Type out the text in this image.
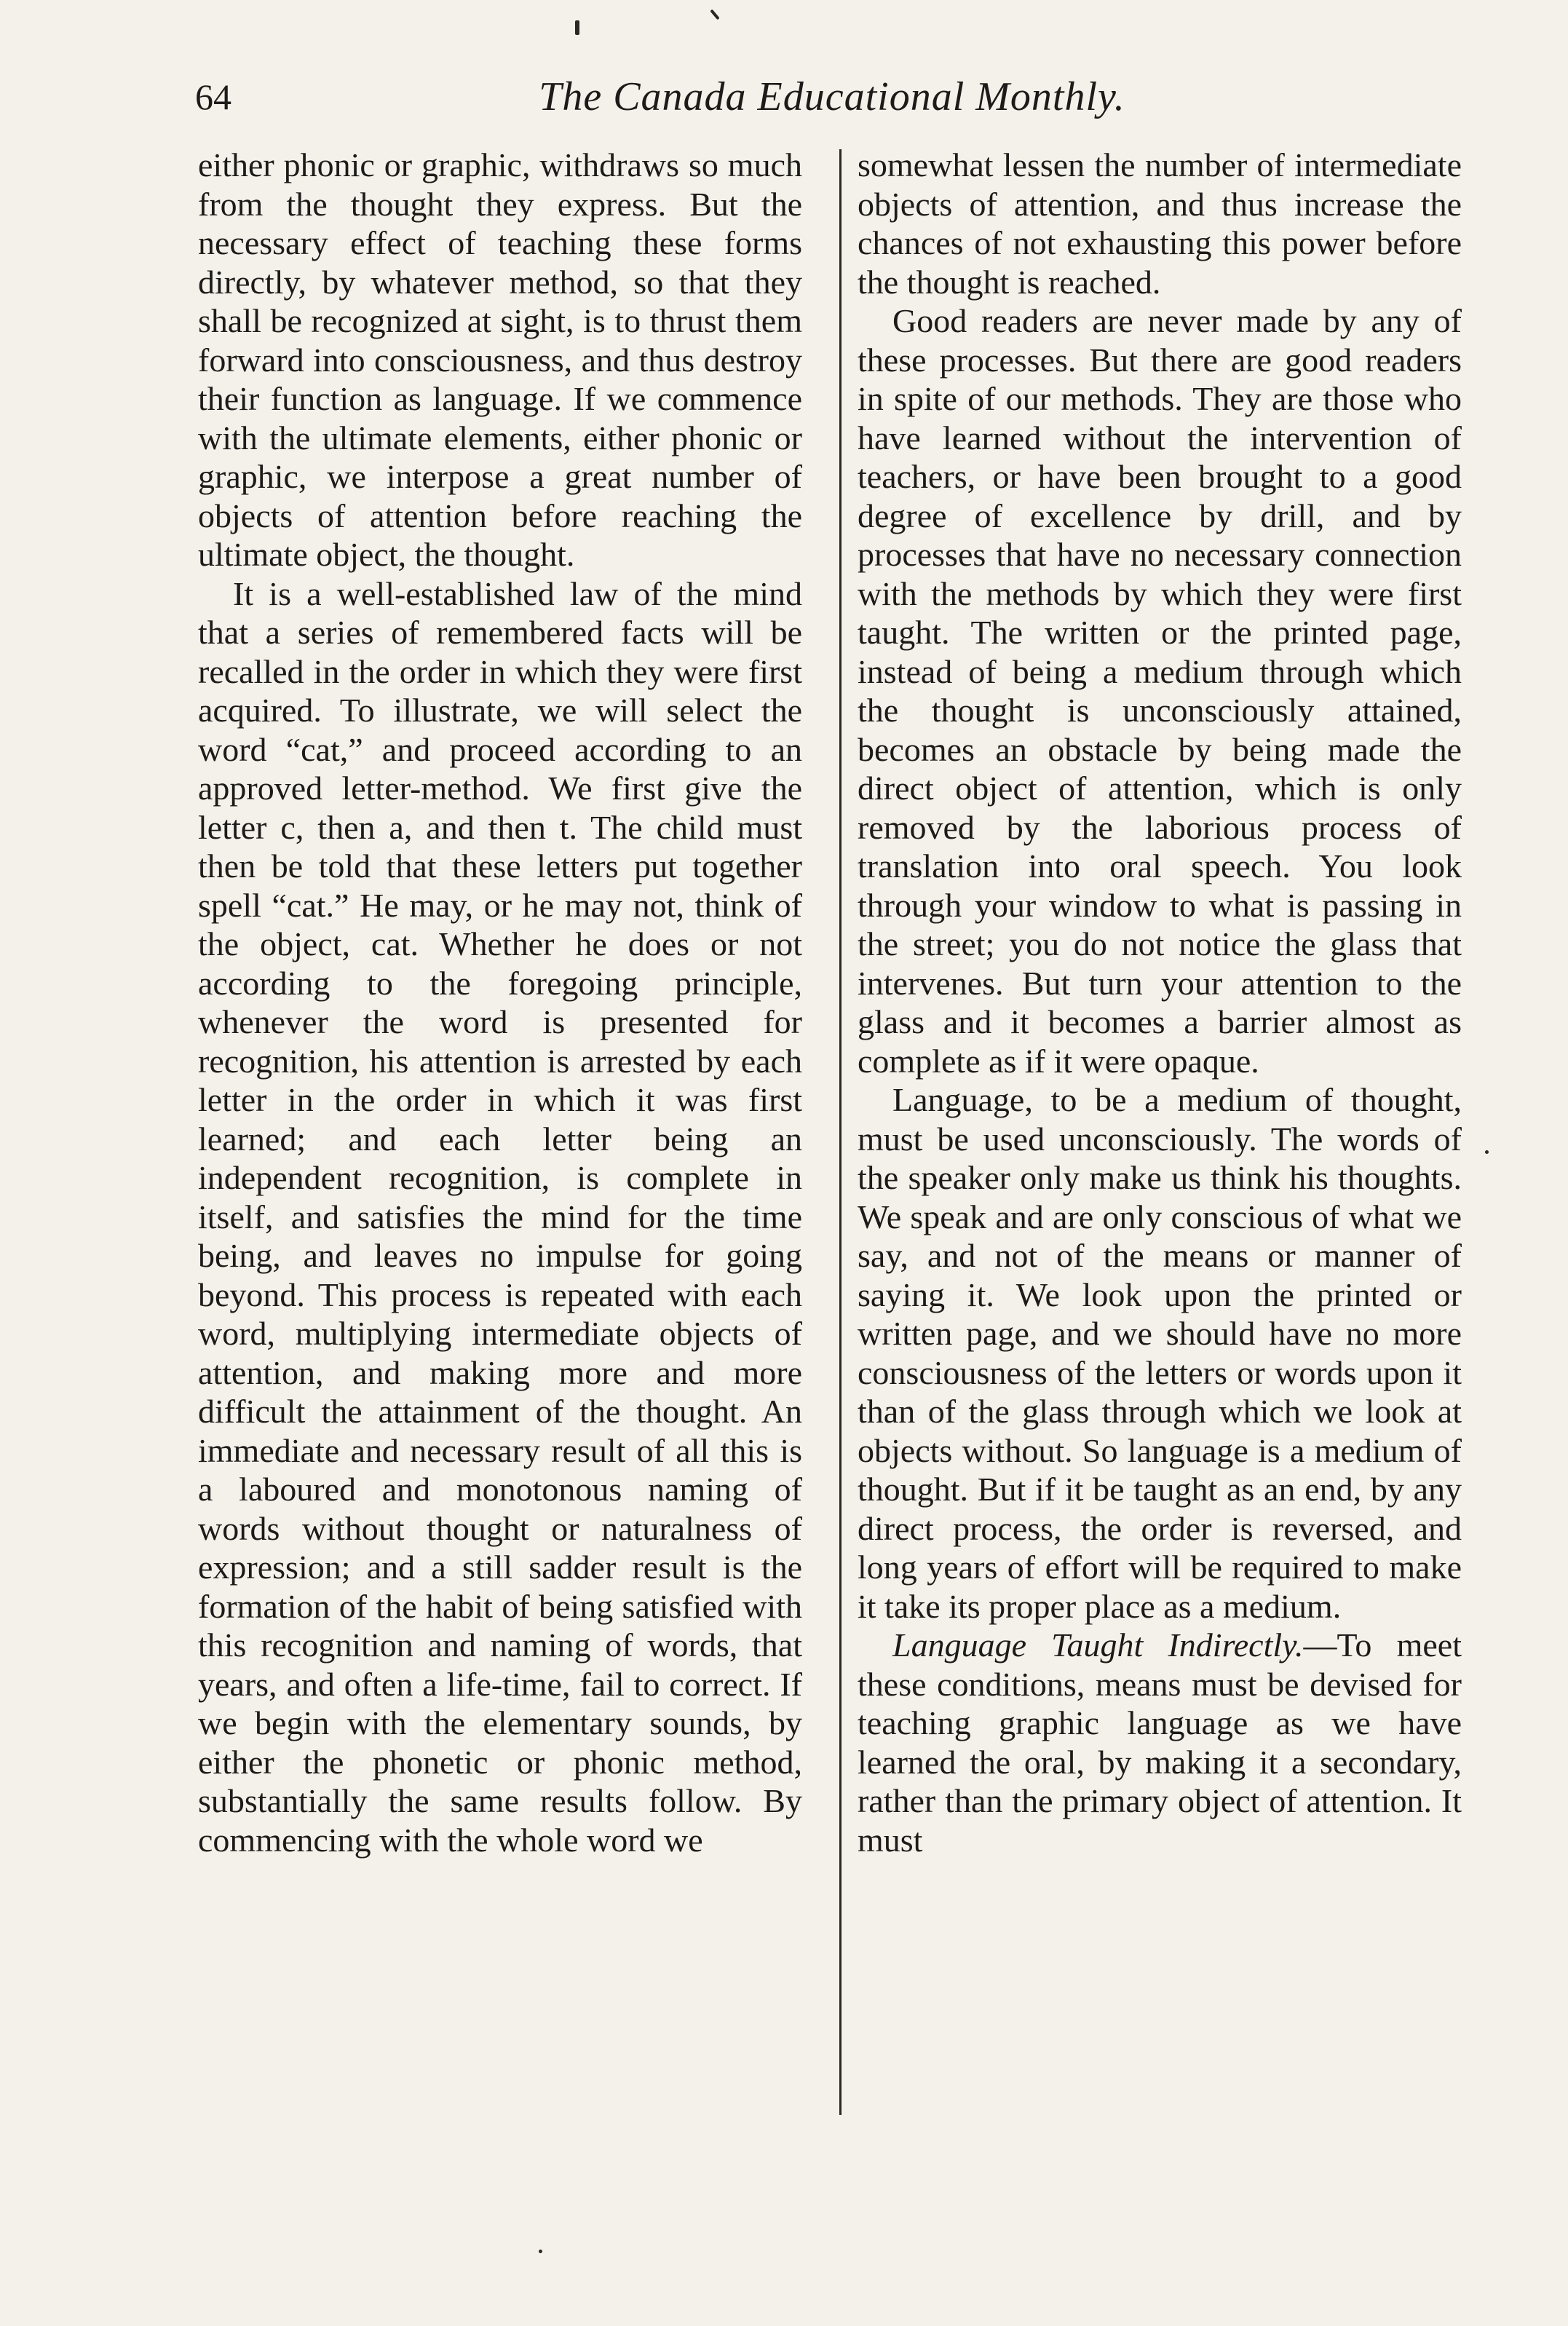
64	The Canada Educational Monthly.

either phonic or graphic, withdraws so much from the thought they express. But the necessary effect of teaching these forms directly, by whatever method, so that they shall be recognized at sight, is to thrust them forward into consciousness, and thus destroy their function as language. If we commence with the ultimate elements, either phonic or graphic, we interpose a great number of objects of attention before reaching the ultimate object, the thought.

It is a well-established law of the mind that a series of remembered facts will be recalled in the order in which they were first acquired. To illustrate, we will select the word “cat,” and proceed according to an approved letter-method. We first give the letter c, then a, and then t. The child must then be told that these letters put together spell “cat.” He may, or he may not, think of the object, cat. Whether he does or not according to the foregoing principle, whenever the word is presented for recognition, his attention is arrested by each letter in the order in which it was first learned; and each letter being an independent recognition, is complete in itself, and satisfies the mind for the time being, and leaves no impulse for going beyond. This process is repeated with each word, multiplying intermediate objects of attention, and making more and more difficult the attainment of the thought. An immediate and necessary result of all this is a laboured and monotonous naming of words without thought or naturalness of expression; and a still sadder result is the formation of the habit of being satisfied with this recognition and naming of words, that years, and often a life-time, fail to correct. If we begin with the elementary sounds, by either the phonetic or phonic method, substantially the same results follow. By commencing with the whole word we

somewhat lessen the number of intermediate objects of attention, and thus increase the chances of not exhausting this power before the thought is reached.

Good readers are never made by any of these processes. But there are good readers in spite of our methods. They are those who have learned without the intervention of teachers, or have been brought to a good degree of excellence by drill, and by processes that have no necessary connection with the methods by which they were first taught. The written or the printed page, instead of being a medium through which the thought is unconsciously attained, becomes an obstacle by being made the direct object of attention, which is only removed by the laborious process of translation into oral speech. You look through your window to what is passing in the street; you do not notice the glass that intervenes. But turn your attention to the glass and it becomes a barrier almost as complete as if it were opaque.

Language, to be a medium of thought, must be used unconsciously. The words of the speaker only make us think his thoughts. We speak and are only conscious of what we say, and not of the means or manner of saying it. We look upon the printed or written page, and we should have no more consciousness of the letters or words upon it than of the glass through which we look at objects without. So language is a medium of thought. But if it be taught as an end, by any direct process, the order is reversed, and long years of effort will be required to make it take its proper place as a medium.

Language Taught Indirectly.—To meet these conditions, means must be devised for teaching graphic language as we have learned the oral, by making it a secondary, rather than the primary object of attention. It must
